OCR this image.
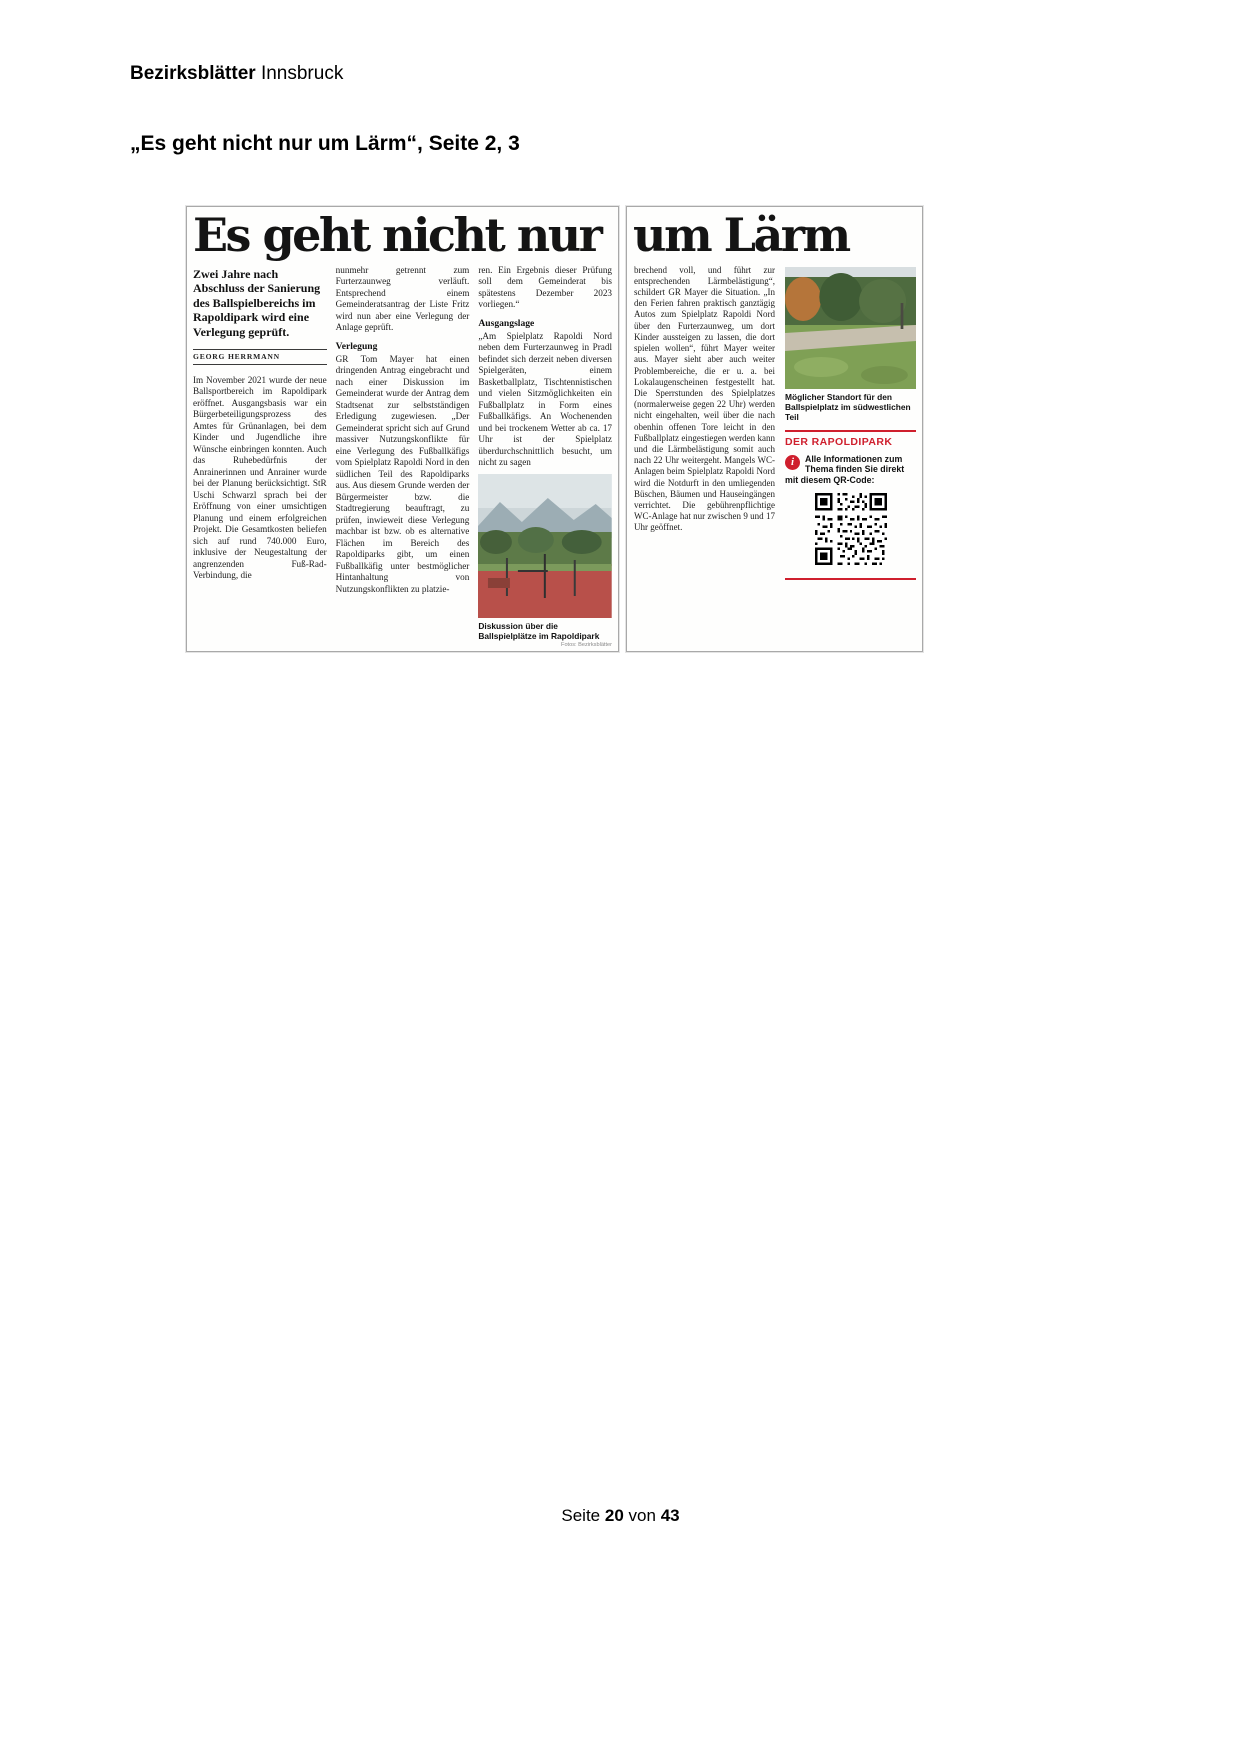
Bezirksblätter Innsbruck
„Es geht nicht nur um Lärm“, Seite 2, 3
Es geht nicht nur
Zwei Jahre nach Abschluss der Sanierung des Ballspielbereichs im Rapoldipark wird eine Verlegung geprüft.
GEORG HERRMANN
Im November 2021 wurde der neue Ballsportbereich im Rapoldipark eröffnet. Ausgangsbasis war ein Bürgerbeteiligungsprozess des Amtes für Grünanlagen, bei dem Kinder und Jugendliche ihre Wünsche einbringen konnten. Auch das Ruhebedürfnis der Anrainerinnen und Anrainer wurde bei der Planung berücksichtigt. StR Uschi Schwarzl sprach bei der Eröffnung von einer umsichtigen Planung und einem erfolgreichen Projekt. Die Gesamtkosten beliefen sich auf rund 740.000 Euro, inklusive der Neugestaltung der angrenzenden Fuß-Rad-Verbindung, die
nunmehr getrennt zum Furterzaunweg verläuft. Entsprechend einem Gemeinderatsantrag der Liste Fritz wird nun aber eine Verlegung der Anlage geprüft.
Verlegung
GR Tom Mayer hat einen dringenden Antrag eingebracht und nach einer Diskussion im Gemeinderat wurde der Antrag dem Stadtsenat zur selbstständigen Erledigung zugewiesen. „Der Gemeinderat spricht sich auf Grund massiver Nutzungskonflikte für eine Verlegung des Fußballkäfigs vom Spielplatz Rapoldi Nord in den südlichen Teil des Rapoldiparks aus. Aus diesem Grunde werden der Bürgermeister bzw. die Stadtregierung beauftragt, zu prüfen, inwieweit diese Verlegung machbar ist bzw. ob es alternative Flächen im Bereich des Rapoldiparks gibt, um einen Fußballkäfig unter bestmöglicher Hintanhaltung von Nutzungskonflikten zu platzie-
ren. Ein Ergebnis dieser Prüfung soll dem Gemeinderat bis spätestens Dezember 2023 vorliegen.“
Ausgangslage
„Am Spielplatz Rapoldi Nord neben dem Furterzaunweg in Pradl befindet sich derzeit neben diversen Spielgeräten, einem Basketballplatz, Tischtennistischen und vielen Sitzmöglichkeiten ein Fußballplatz in Form eines Fußballkäfigs. An Wochenenden und bei trockenem Wetter ab ca. 17 Uhr ist der Spielplatz überdurchschnittlich besucht, um nicht zu sagen
Diskussion über die Ballspielplätze im Rapoldipark
Fotos: Bezirksblätter
um Lärm
brechend voll, und führt zur entsprechenden Lärmbelästigung“, schildert GR Mayer die Situation. „In den Ferien fahren praktisch ganztägig Autos zum Spielplatz Rapoldi Nord über den Furterzaunweg, um dort Kinder aussteigen zu lassen, die dort spielen wollen“, führt Mayer weiter aus. Mayer sieht aber auch weiter Problembereiche, die er u. a. bei Lokalaugenscheinen festgestellt hat. Die Sperrstunden des Spielplatzes (normalerweise gegen 22 Uhr) werden nicht eingehalten, weil über die nach obenhin offenen Tore leicht in den Fußballplatz eingestiegen werden kann und die Lärmbelästigung somit auch nach 22 Uhr weitergeht. Mangels WC-Anlagen beim Spielplatz Rapoldi Nord wird die Notdurft in den umliegenden Büschen, Bäumen und Hauseingängen verrichtet. Die gebührenpflichtige WC-Anlage hat nur zwischen 9 und 17 Uhr geöffnet.
Möglicher Standort für den Ballspielplatz im südwestlichen Teil
DER RAPOLDIPARK
i	Alle Informationen zum Thema finden Sie direkt mit diesem QR-Code:
Seite 20 von 43
